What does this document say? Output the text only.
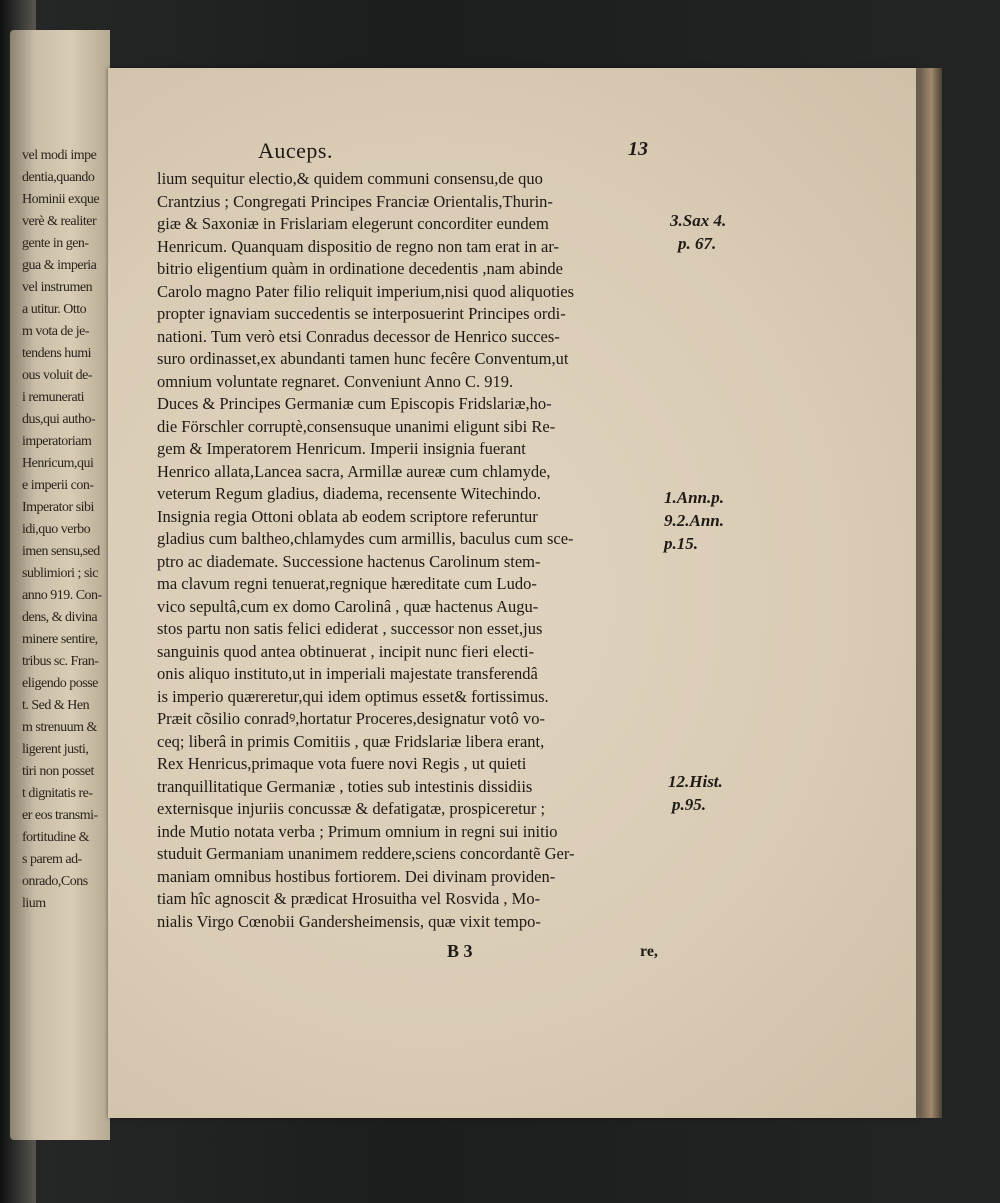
vel modi impe
dentia,quando
Hominii exque
verè & realiter
gente in gen-
gua & imperia
vel instrumen
a utitur. Otto
m vota de je-
tendens humi
ous voluit de-
i remunerati
dus,qui autho-
imperatoriam
Henricum,qui
e imperii con-
Imperator sibi
idi,quo verbo
imen sensu,sed
sublimiori ; sic
anno 919. Con-
dens, & divina
minere sentire,
tribus sc. Fran-
eligendo posse
t. Sed & Hen
m strenuum &
ligerent justi,
tiri non posset
t dignitatis re-
er eos transmi-
fortitudine &
s parem ad-
onrado,Cons
lium
Auceps.	13
lium sequitur electio,& quidem communi consensu,de quo
Crantzius ; Congregati Principes Franciæ Orientalis,Thurin-
giæ & Saxoniæ in Frislariam elegerunt concorditer eundem
Henricum. Quanquam dispositio de regno non tam erat in ar-
bitrio eligentium quàm in ordinatione decedentis ,nam abinde
Carolo magno Pater filio reliquit imperium,nisi quod aliquoties
propter ignaviam succedentis se interposuerint Principes ordi-
nationi. Tum verò etsi Conradus decessor de Henrico succes-
suro ordinasset,ex abundanti tamen hunc fecêre Conventum,ut
omnium voluntate regnaret. Conveniunt Anno C. 919.
Duces & Principes Germaniæ cum Episcopis Fridslariæ,ho-
die Förschler corruptè,consensuque unanimi eligunt sibi Re-
gem & Imperatorem Henricum. Imperii insignia fuerant
Henrico allata,Lancea sacra, Armillæ aureæ cum chlamyde,
veterum Regum gladius, diadema, recensente Witechindo.
Insignia regia Ottoni oblata ab eodem scriptore referuntur
gladius cum baltheo,chlamydes cum armillis, baculus cum sce-
ptro ac diademate. Successione hactenus Carolinum stem-
ma clavum regni tenuerat,regnique hæreditate cum Ludo-
vico sepultâ,cum ex domo Carolinâ , quæ hactenus Augu-
stos partu non satis felici ediderat , successor non esset,jus
sanguinis quod antea obtinuerat , incipit nunc fieri electi-
onis aliquo instituto,ut in imperiali majestate transferendâ
is imperio quæreretur,qui idem optimus esset& fortissimus.
Præit cõsilio conradꝰ,hortatur Proceres,designatur votô vo-
ceq; liberâ in primis Comitiis , quæ Fridslariæ libera erant,
Rex Henricus,primaque vota fuere novi Regis , ut quieti
tranquillitatique Germaniæ , toties sub intestinis dissidiis
externisque injuriis concussæ & defatigatæ, prospiceretur ;
inde Mutio notata verba ; Primum omnium in regni sui initio
studuit Germaniam unanimem reddere,sciens concordantẽ Ger-
maniam omnibus hostibus fortiorem. Dei divinam providen-
tiam hîc agnoscit & prædicat Hrosuitha vel Rosvida , Mo-
nialis Virgo Cœnobii Gandersheimensis, quæ vixit tempo-
3.Sax 4.
p. 67.
1.Ann.p.
9.2.Ann.
p.15.
12.Hist.
p.95.
B 3	re,
